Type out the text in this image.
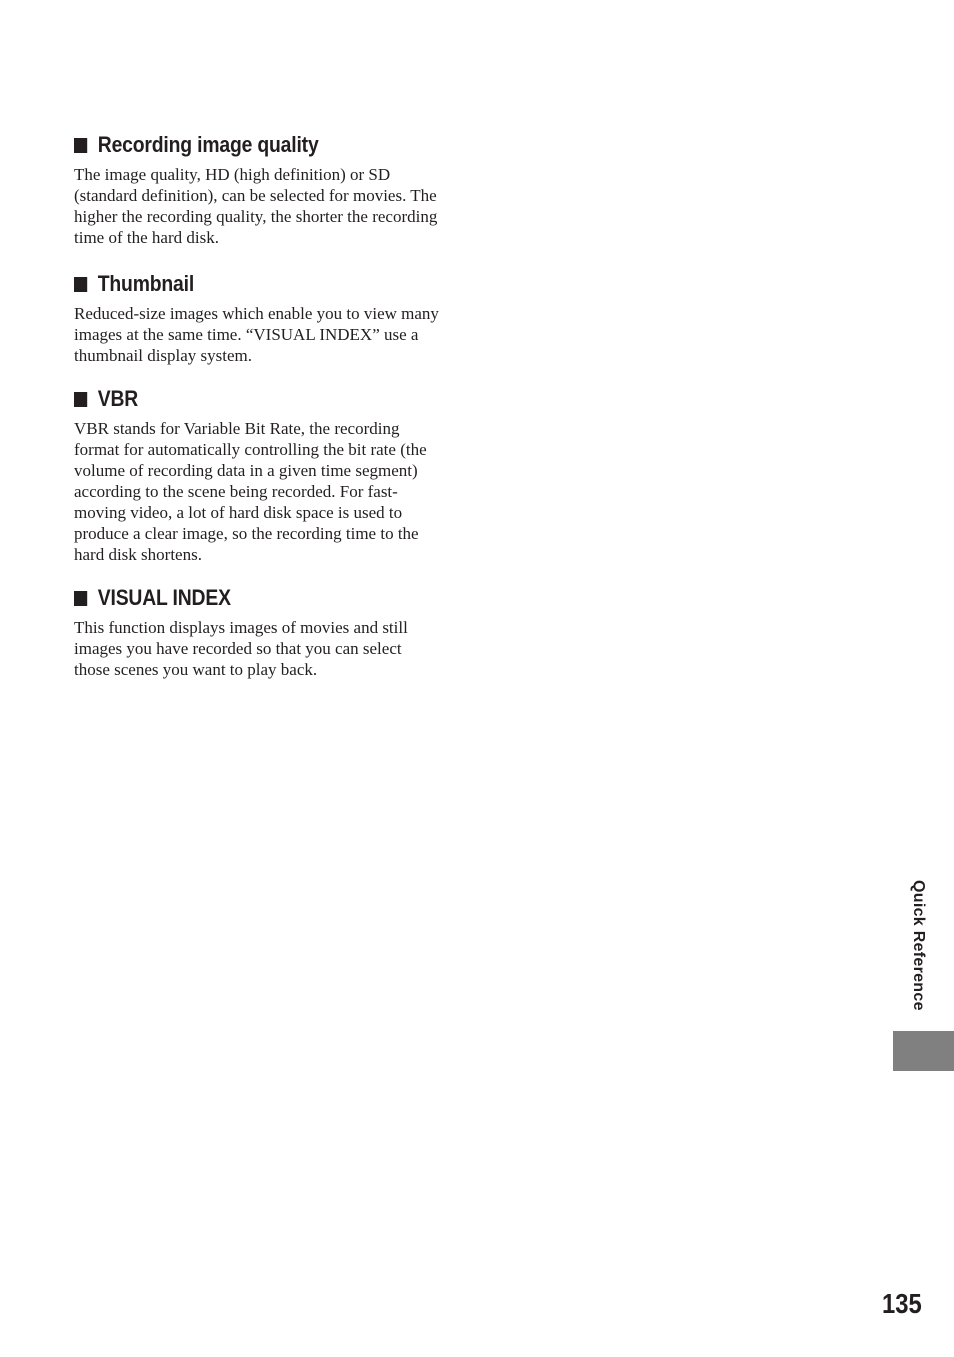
Recording image quality

The image quality, HD (high definition) or SD (standard definition), can be selected for movies. The higher the recording quality, the shorter the recording time of the hard disk.

Thumbnail

Reduced-size images which enable you to view many images at the same time. “VISUAL INDEX” use a thumbnail display system.

VBR

VBR stands for Variable Bit Rate, the recording format for automatically controlling the bit rate (the volume of recording data in a given time segment) according to the scene being recorded. For fast-moving video, a lot of hard disk space is used to produce a clear image, so the recording time to the hard disk shortens.

VISUAL INDEX

This function displays images of movies and still images you have recorded so that you can select those scenes you want to play back.

Quick Reference
135
